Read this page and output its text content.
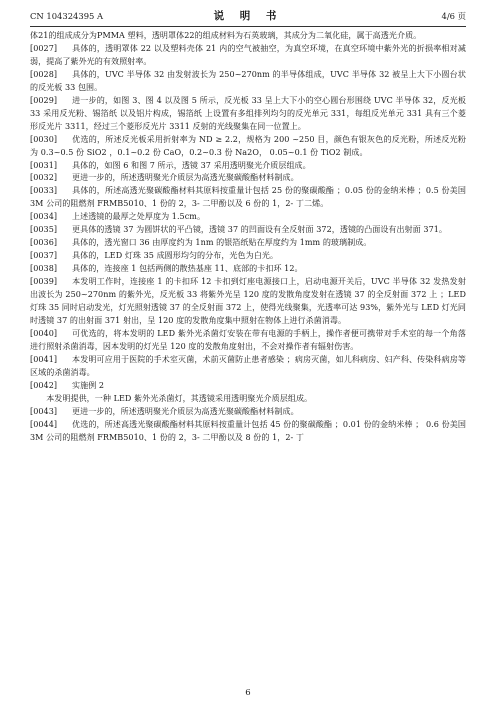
CN 104324395 A	说 明 书	4/6 页

体21的组成成分为PMMA 塑料，透明罩体22的组成材料为石英玻璃，其成分为二氧化硅，属于高透光介质。

[0027] 具体的，透明罩体 22 以及塑料壳体 21 内的空气被抽空，为真空环境，在真空环境中紫外光的折损率相对减弱，提高了紫外光的有效照射率。

[0028] 具体的，UVC 半导体 32 由发射波长为 250~270nm 的半导体组成，UVC 半导体 32 被呈上大下小圆台状的反光板 33 包围。

[0029] 进一步的，如图 3、图 4 以及图 5 所示，反光板 33 呈上大下小的空心圆台形围绕 UVC 半导体 32，反光板 33 采用反光粉、锡箔纸 以及铝片构成，锡箔纸 上设置有多组排列均匀的反光单元 331，每组反光单元 331 具有三个菱形反光片 3311，经过三个菱形反光片 3311 反射的光线聚集在同一位置上。

[0030] 优选的，所述反光板采用折射率为 ND ≥ 2.2，规格为 200 ~250 目，颜色有银灰色的反光粉，所述反光粉为 0.3~0.5 份 SiO2 ，0.1~0.2 份 CaO，0.2~0.3 份 Na2O， 0.05~0.1 份 TiO2 制成。

[0031] 具体的，如图 6 和图 7 所示，透镜 37 采用透明聚光介质层组成。

[0032] 更进一步的，所述透明聚光介质层为高透光聚碳酸酯材料制成。

[0033] 具体的，所述高透光聚碳酸酯材料其原料按重量计包括 25 份的聚碳酸酯 ；0.05 份的金纳米棒 ；0.5 份美国 3M 公司的阻燃剂 FRMB5010、1 份的 2，3- 二甲酚以及 6 份的 1，2- 丁二烯。

[0034] 上述透镜的最厚之处厚度为 1.5cm。

[0035] 更具体的透镜 37 为圆饼状的平凸镜，透镜 37 的凹面设有全反射面 372，透镜的凸面设有出射面 371。

[0036] 具体的，透光窗口 36 由厚度约为 1nm 的银箔纸贴在厚度约为 1mm 的玻璃制成。

[0037] 具体的，LED 灯珠 35 成圆形均匀的分布，光色为白光。

[0038] 具体的，连接座 1 包括两侧的散热基座 11、底部的卡扣环 12。

[0039] 本发明工作时，连接座 1 的卡扣环 12 卡扣到灯座电源接口上，启动电源开关后，UVC 半导体 32 发热发射出波长为 250~270nm 的紫外光，反光板 33 将紫外光呈 120 度的发散角度发射在透镜 37 的全反射面 372 上 ；LED 灯珠 35 同时启动发光，灯光照射透镜 37 的全反射面 372 上，使得光线聚集，光透率可达 93%，紫外光与 LED 灯光同时透镜 37 的出射面 371 射出，呈 120 度的发散角度集中照射在物体上进行杀菌消毒。

[0040] 可优选的，将本发明的 LED 紫外光杀菌灯安装在带有电源的手柄上，操作者便可携带对手术室的每一个角落进行照射杀菌消毒，因本发明的灯光呈 120 度的发散角度射出，不会对操作者有辐射伤害。

[0041] 本发明可应用于医院的手术室灭菌，术前灭菌防止患者感染 ；病房灭菌，如儿科病房、妇产科、传染科病房等区域的杀菌消毒。

[0042] 实施例 2

　　本发明提供，一种 LED 紫外光杀菌灯，其透镜采用透明聚光介质层组成。

[0043] 更进一步的，所述透明聚光介质层为高透光聚碳酸酯材料制成。

[0044] 优选的，所述高透光聚碳酸酯材料其原料按重量计包括 45 份的聚碳酸酯 ；0.01 份的金纳米棒 ； 0.6 份美国 3M 公司的阻燃剂 FRMB5010、1 份的 2，3- 二甲酚以及 8 份的 1，2- 丁

6
